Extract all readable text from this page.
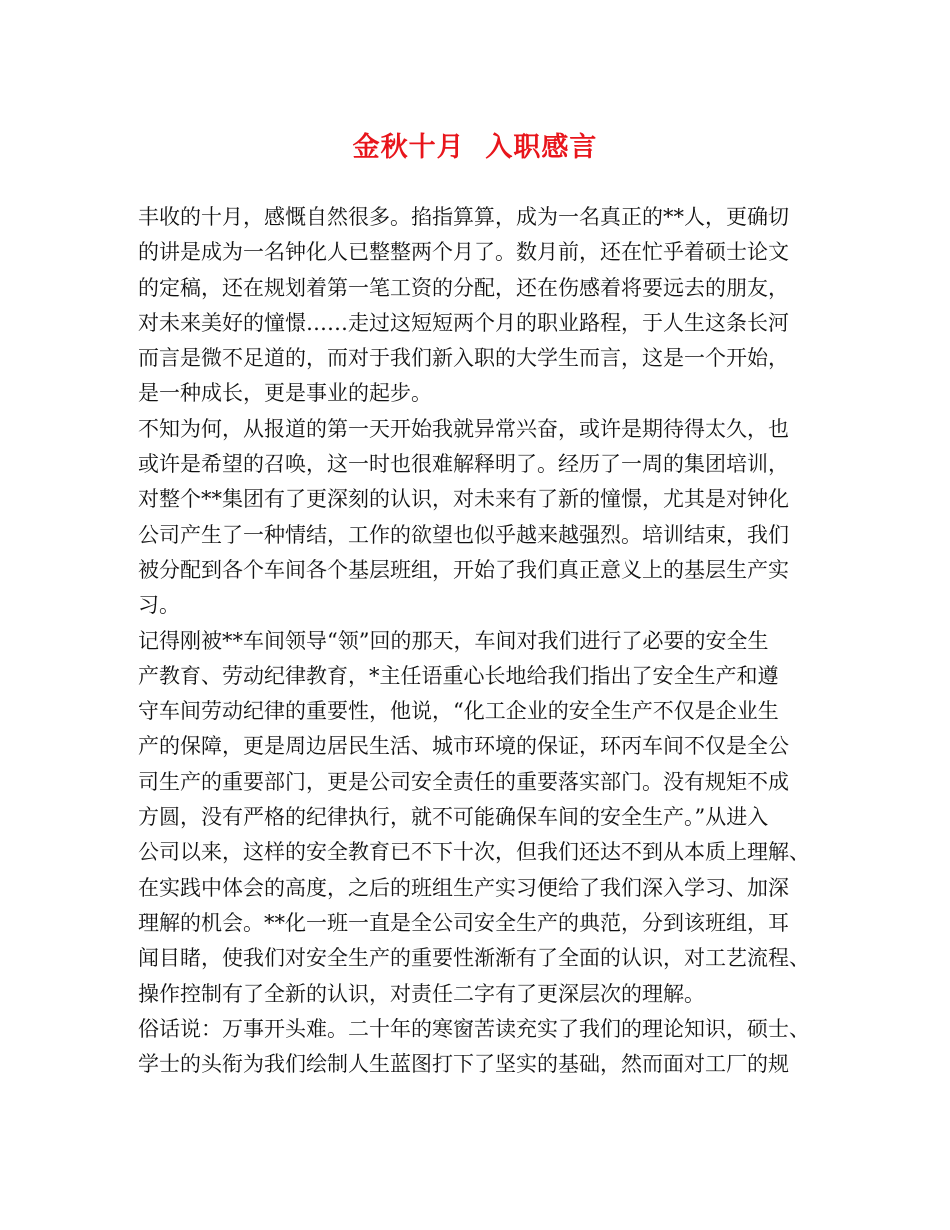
金秋十月  入职感言

丰收的十月，感慨自然很多。掐指算算，成为一名真正的**人，更确切
的讲是成为一名钟化人已整整两个月了。数月前，还在忙乎着硕士论文
的定稿，还在规划着第一笔工资的分配，还在伤感着将要远去的朋友，
对未来美好的憧憬……走过这短短两个月的职业路程，于人生这条长河
而言是微不足道的，而对于我们新入职的大学生而言，这是一个开始，
是一种成长，更是事业的起步。

不知为何，从报道的第一天开始我就异常兴奋，或许是期待得太久，也
或许是希望的召唤，这一时也很难解释明了。经历了一周的集团培训，
对整个**集团有了更深刻的认识，对未来有了新的憧憬，尤其是对钟化
公司产生了一种情结，工作的欲望也似乎越来越强烈。培训结束，我们
被分配到各个车间各个基层班组，开始了我们真正意义上的基层生产实
习。

记得刚被**车间领导“领”回的那天，车间对我们进行了必要的安全生
产教育、劳动纪律教育，*主任语重心长地给我们指出了安全生产和遵
守车间劳动纪律的重要性，他说，“化工企业的安全生产不仅是企业生
产的保障，更是周边居民生活、城市环境的保证，环丙车间不仅是全公
司生产的重要部门，更是公司安全责任的重要落实部门。没有规矩不成
方圆，没有严格的纪律执行，就不可能确保车间的安全生产。”从进入
公司以来，这样的安全教育已不下十次，但我们还达不到从本质上理解、
在实践中体会的高度，之后的班组生产实习便给了我们深入学习、加深
理解的机会。**化一班一直是全公司安全生产的典范，分到该班组，耳
闻目睹，使我们对安全生产的重要性渐渐有了全面的认识，对工艺流程、
操作控制有了全新的认识，对责任二字有了更深层次的理解。

俗话说：万事开头难。二十年的寒窗苦读充实了我们的理论知识，硕士、
学士的头衔为我们绘制人生蓝图打下了坚实的基础，然而面对工厂的规
